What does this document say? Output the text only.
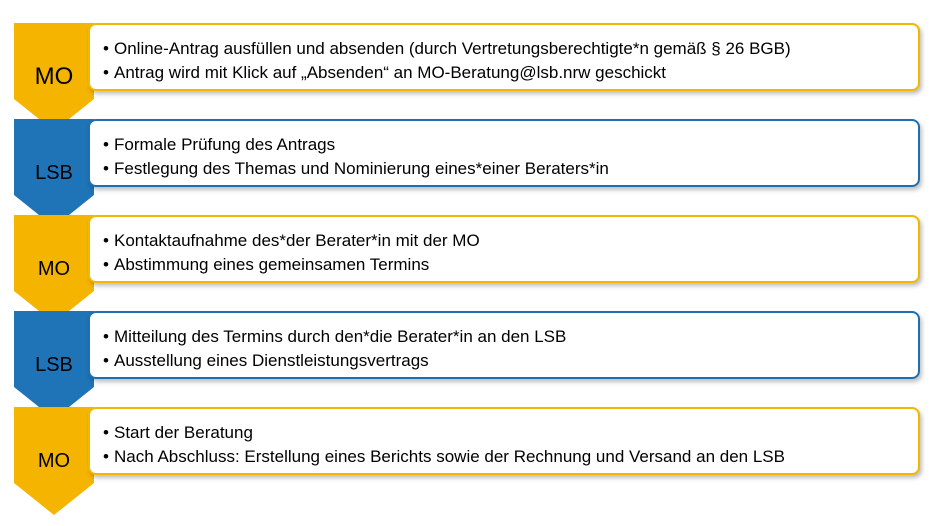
MO
• Online-Antrag ausfüllen und absenden (durch Vertretungsberechtigte*n gemäß § 26 BGB)
• Antrag wird mit Klick auf „Absenden“ an MO-Beratung@lsb.nrw geschickt
LSB
• Formale Prüfung des Antrags
• Festlegung des Themas und Nominierung eines*einer Beraters*in
MO
• Kontaktaufnahme des*der Berater*in mit der MO
• Abstimmung eines gemeinsamen Termins
LSB
• Mitteilung des Termins durch den*die Berater*in an den LSB
• Ausstellung eines Dienstleistungsvertrags
MO
• Start der Beratung
• Nach Abschluss: Erstellung eines Berichts sowie der Rechnung und Versand an den LSB
